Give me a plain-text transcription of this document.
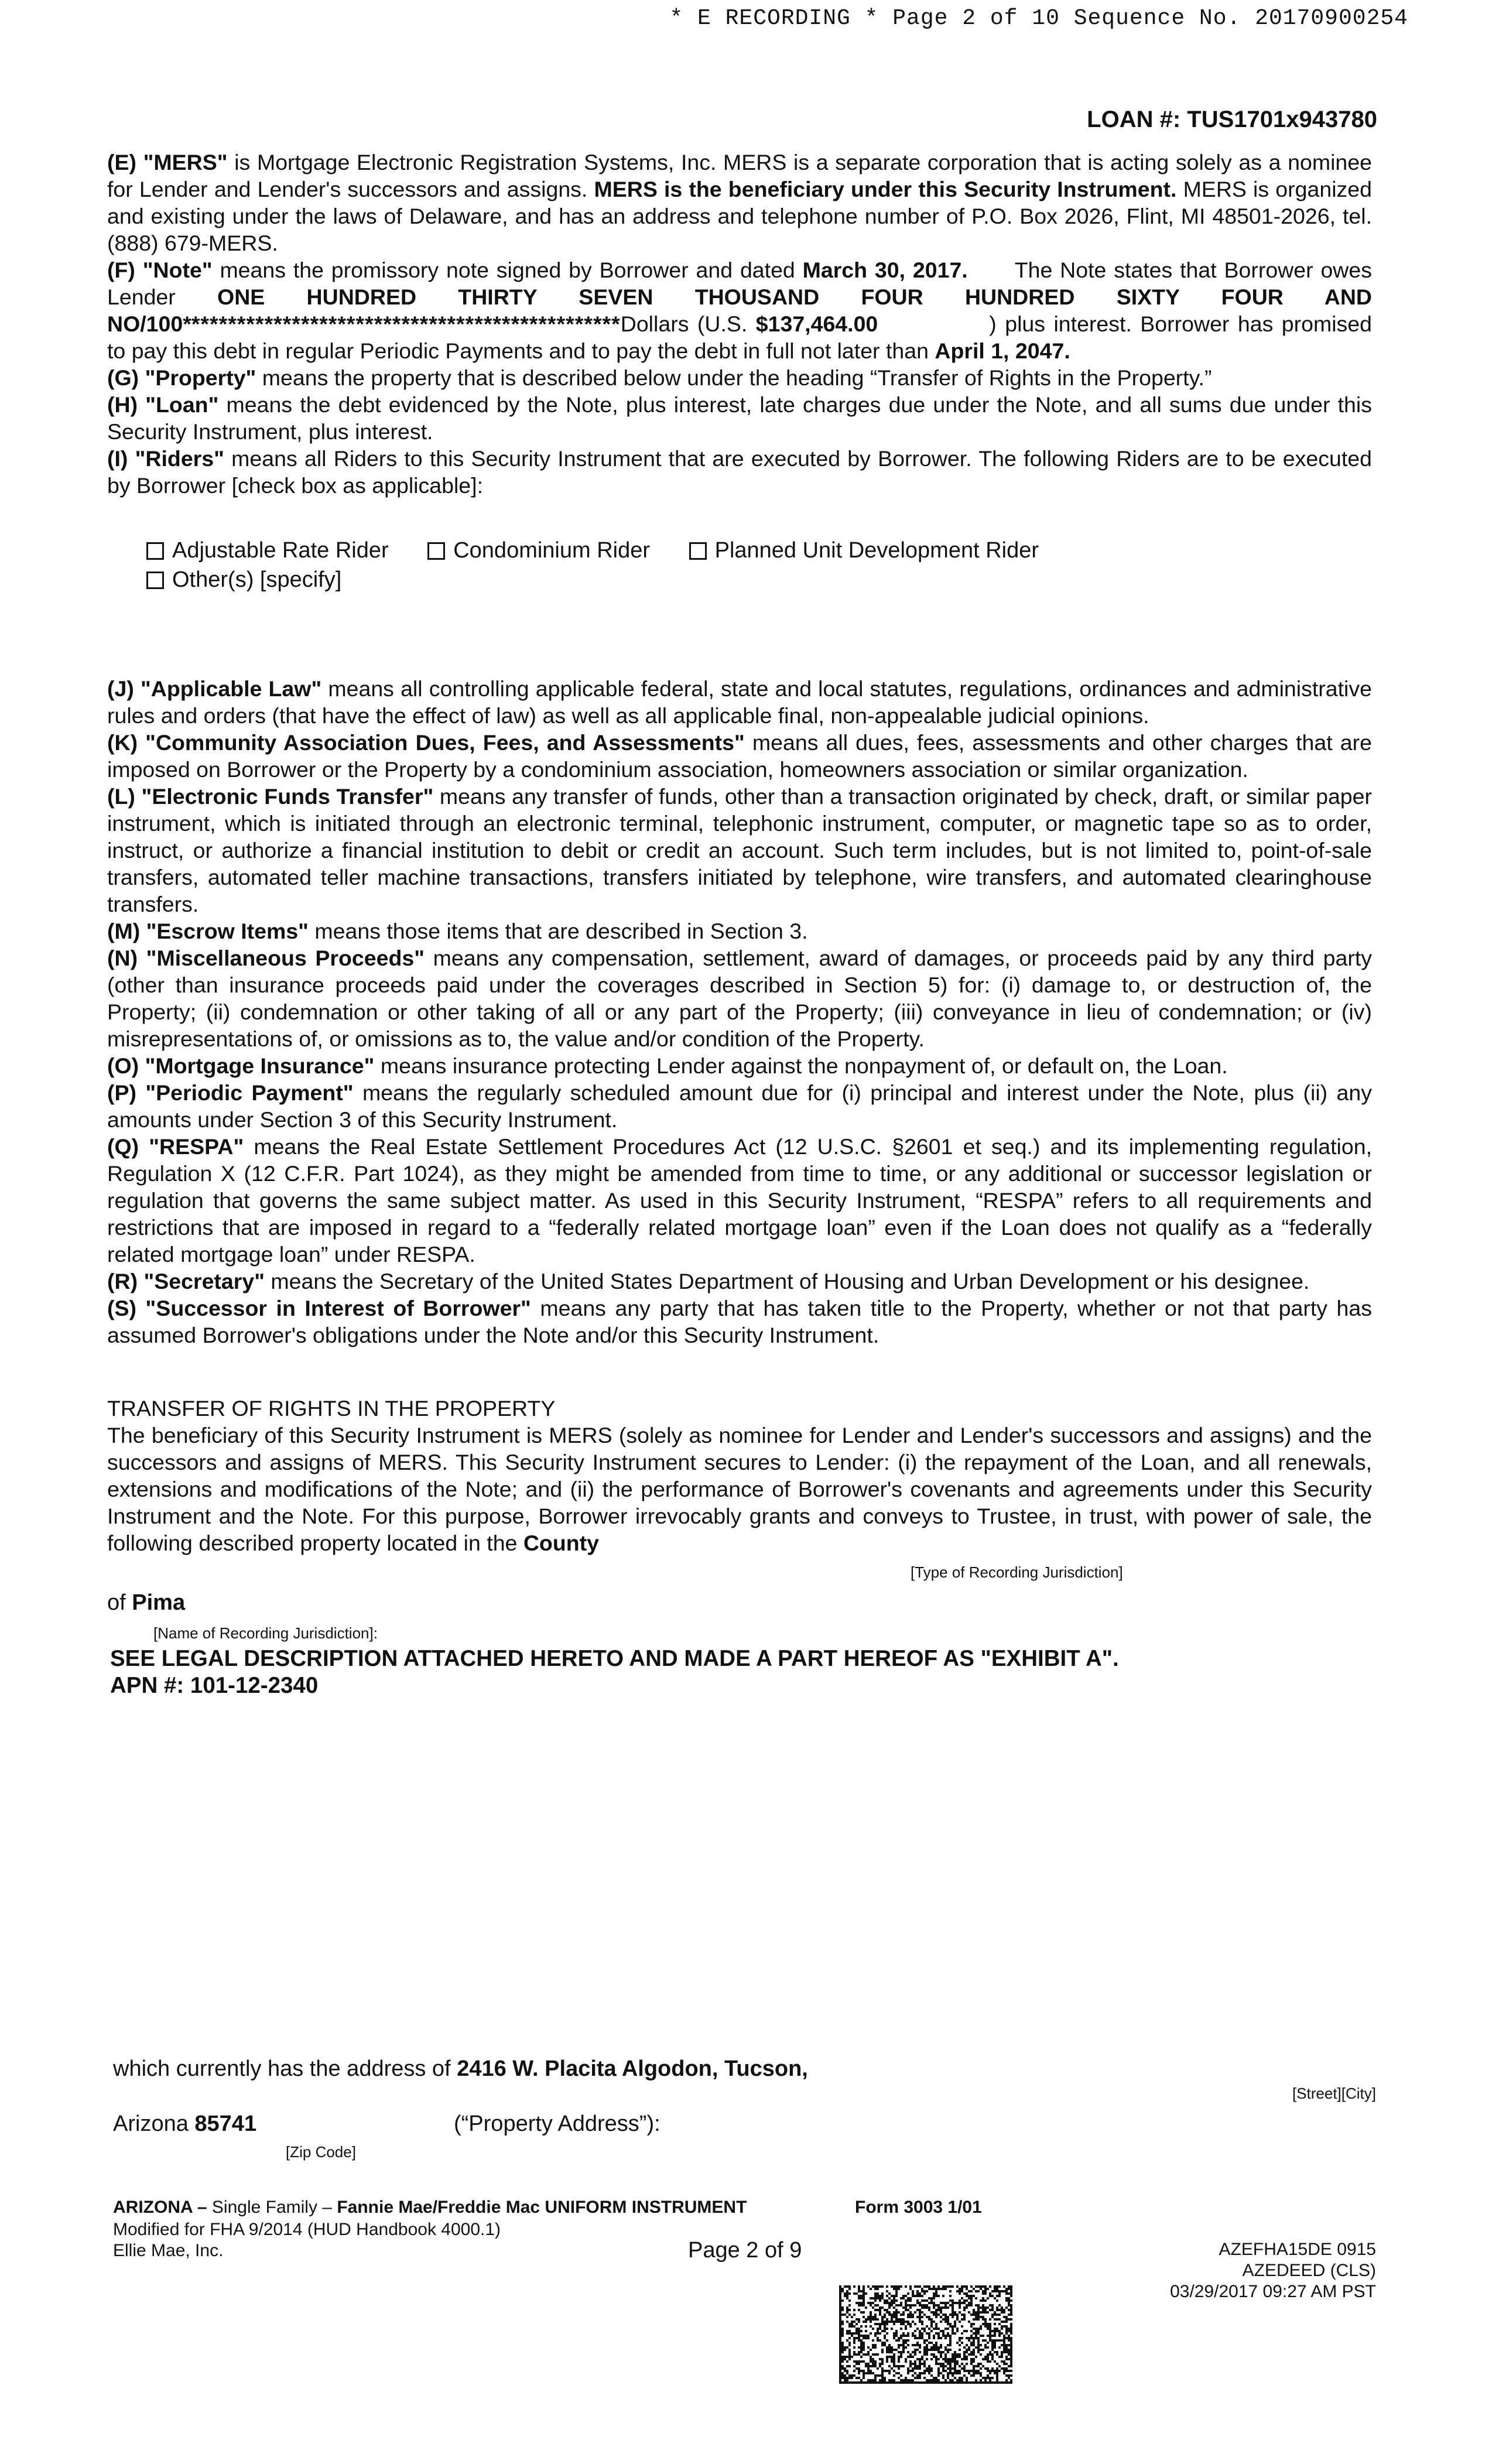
* E RECORDING * Page 2 of 10 Sequence No. 20170900254
LOAN #: TUS1701x943780

(E) "MERS" is Mortgage Electronic Registration Systems, Inc. MERS is a separate corporation that is acting solely as a nominee for Lender and Lender's successors and assigns. MERS is the beneficiary under this Security Instrument. MERS is organized and existing under the laws of Delaware, and has an address and telephone number of P.O. Box 2026, Flint, MI 48501-2026, tel. (888) 679-MERS.

(F) "Note" means the promissory note signed by Borrower and dated March 30, 2017. The Note states that Borrower owes Lender ONE HUNDRED THIRTY SEVEN THOUSAND FOUR HUNDRED SIXTY FOUR AND NO/100************************************************Dollars (U.S. $137,464.00	) plus interest. Borrower has promised to pay this debt in regular Periodic Payments and to pay the debt in full not later than April 1, 2047.

(G) "Property" means the property that is described below under the heading “Transfer of Rights in the Property.”

(H) "Loan" means the debt evidenced by the Note, plus interest, late charges due under the Note, and all sums due under this Security Instrument, plus interest.

(I) "Riders" means all Riders to this Security Instrument that are executed by Borrower. The following Riders are to be executed by Borrower [check box as applicable]:

Adjustable Rate Rider	Condominium Rider	Planned Unit Development Rider
Other(s) [specify]

(J) "Applicable Law" means all controlling applicable federal, state and local statutes, regulations, ordinances and administrative rules and orders (that have the effect of law) as well as all applicable final, non-appealable judicial opinions.

(K) "Community Association Dues, Fees, and Assessments" means all dues, fees, assessments and other charges that are imposed on Borrower or the Property by a condominium association, homeowners association or similar organization.

(L) "Electronic Funds Transfer" means any transfer of funds, other than a transaction originated by check, draft, or similar paper instrument, which is initiated through an electronic terminal, telephonic instrument, computer, or magnetic tape so as to order, instruct, or authorize a financial institution to debit or credit an account. Such term includes, but is not limited to, point-of-sale transfers, automated teller machine transactions, transfers initiated by telephone, wire transfers, and automated clearinghouse transfers.

(M) "Escrow Items" means those items that are described in Section 3.

(N) "Miscellaneous Proceeds" means any compensation, settlement, award of damages, or proceeds paid by any third party (other than insurance proceeds paid under the coverages described in Section 5) for: (i) damage to, or destruction of, the Property; (ii) condemnation or other taking of all or any part of the Property; (iii) conveyance in lieu of condemnation; or (iv) misrepresentations of, or omissions as to, the value and/or condition of the Property.

(O) "Mortgage Insurance" means insurance protecting Lender against the nonpayment of, or default on, the Loan.

(P) "Periodic Payment" means the regularly scheduled amount due for (i) principal and interest under the Note, plus (ii) any amounts under Section 3 of this Security Instrument.

(Q) "RESPA" means the Real Estate Settlement Procedures Act (12 U.S.C. §2601 et seq.) and its implementing regulation, Regulation X (12 C.F.R. Part 1024), as they might be amended from time to time, or any additional or successor legislation or regulation that governs the same subject matter. As used in this Security Instrument, “RESPA” refers to all requirements and restrictions that are imposed in regard to a “federally related mortgage loan” even if the Loan does not qualify as a “federally related mortgage loan” under RESPA.

(R) "Secretary" means the Secretary of the United States Department of Housing and Urban Development or his designee.

(S) "Successor in Interest of Borrower" means any party that has taken title to the Property, whether or not that party has assumed Borrower's obligations under the Note and/or this Security Instrument.

TRANSFER OF RIGHTS IN THE PROPERTY

The beneficiary of this Security Instrument is MERS (solely as nominee for Lender and Lender's successors and assigns) and the successors and assigns of MERS. This Security Instrument secures to Lender: (i) the repayment of the Loan, and all renewals, extensions and modifications of the Note; and (ii) the performance of Borrower's covenants and agreements under this Security Instrument and the Note. For this purpose, Borrower irrevocably grants and conveys to Trustee, in trust, with power of sale, the following described property located in the County

[Type of Recording Jurisdiction]
of Pima
[Name of Recording Jurisdiction]:
SEE LEGAL DESCRIPTION ATTACHED HERETO AND MADE A PART HEREOF AS "EXHIBIT A".
APN #: 101-12-2340
which currently has the address of 2416 W. Placita Algodon, Tucson,
[Street][City]
Arizona 85741	(“Property Address”):
[Zip Code]
ARIZONA – Single Family – Fannie Mae/Freddie Mac UNIFORM INSTRUMENT	Form 3003 1/01
Modified for FHA 9/2014 (HUD Handbook 4000.1)
Ellie Mae, Inc.	Page 2 of 9	AZEFHA15DE 0915
AZEDEED (CLS)
03/29/2017 09:27 AM PST
